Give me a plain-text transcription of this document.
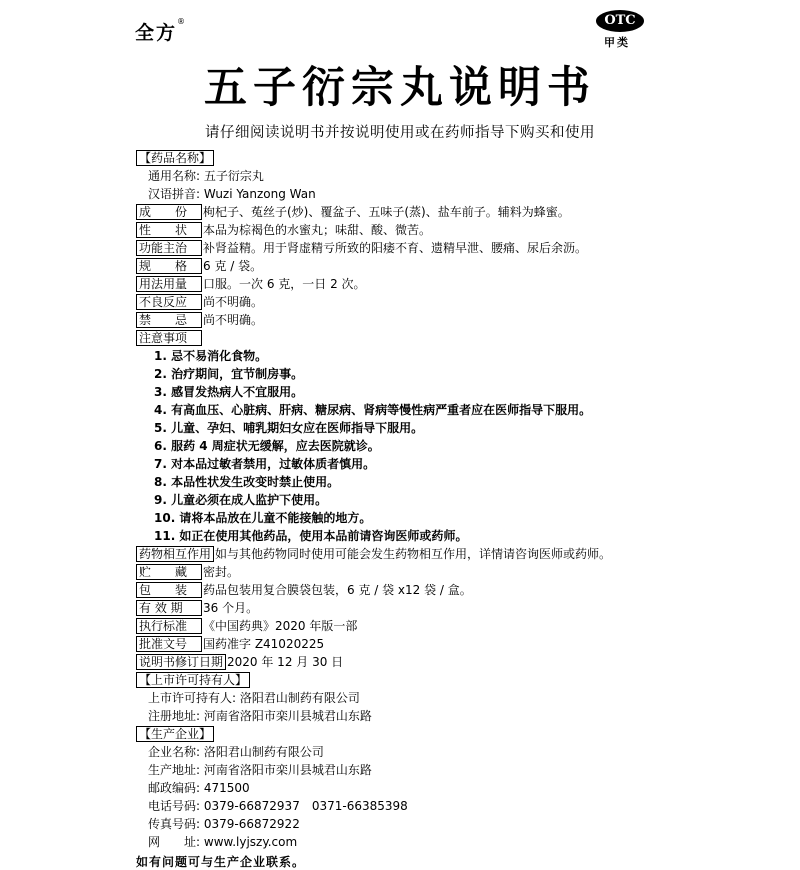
全方
®	OTC
甲类
五子衍宗丸说明书
请仔细阅读说明书并按说明使用或在药师指导下购买和使用
【药品名称】
通用名称: 五子衍宗丸
汉语拼音: Wuzi Yanzong Wan
成　　份 枸杞子、菟丝子(炒)、覆盆子、五味子(蒸)、盐车前子。辅料为蜂蜜。
性　　状 本品为棕褐色的水蜜丸；味甜、酸、微苦。
功能主治 补肾益精。用于肾虚精亏所致的阳痿不育、遗精早泄、腰痛、尿后余沥。
规　　格 6 克 / 袋。
用法用量 口服。一次 6 克，一日 2 次。
不良反应 尚不明确。
禁　　忌 尚不明确。
注意事项
1. 忌不易消化食物。
2. 治疗期间，宜节制房事。
3. 感冒发热病人不宜服用。
4. 有高血压、心脏病、肝病、糖尿病、肾病等慢性病严重者应在医师指导下服用。
5. 儿童、孕妇、哺乳期妇女应在医师指导下服用。
6. 服药 4 周症状无缓解，应去医院就诊。
7. 对本品过敏者禁用，过敏体质者慎用。
8. 本品性状发生改变时禁止使用。
9. 儿童必须在成人监护下使用。
10. 请将本品放在儿童不能接触的地方。
11. 如正在使用其他药品，使用本品前请咨询医师或药师。
药物相互作用 如与其他药物同时使用可能会发生药物相互作用，详情请咨询医师或药师。
贮　　藏 密封。
包　　装 药品包装用复合膜袋包装，6 克 / 袋 x12 袋 / 盒。
有 效 期 36 个月。
执行标准 《中国药典》2020 年版一部
批准文号 国药准字 Z41020225
说明书修订日期 2020 年 12 月 30 日
【上市许可持有人】
上市许可持有人: 洛阳君山制药有限公司
注册地址: 河南省洛阳市栾川县城君山东路
【生产企业】
企业名称: 洛阳君山制药有限公司
生产地址: 河南省洛阳市栾川县城君山东路
邮政编码: 471500
电话号码: 0379-66872937　0371-66385398
传真号码: 0379-66872922
网　　址: www.lyjszy.com
如有问题可与生产企业联系。
